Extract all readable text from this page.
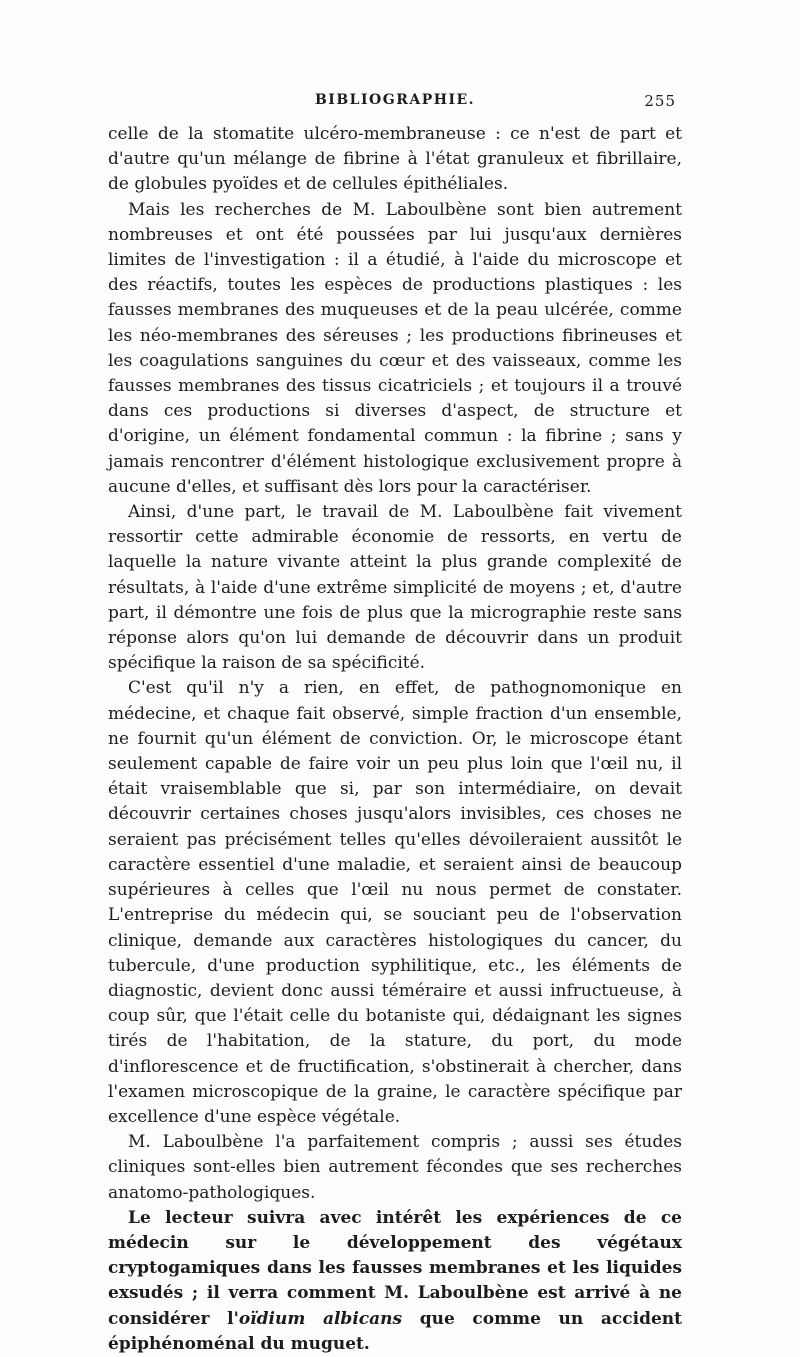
BIBLIOGRAPHIE.	255

celle de la stomatite ulcéro-membraneuse : ce n'est de part et d'autre qu'un mélange de fibrine à l'état granuleux et fibrillaire, de globules pyoïdes et de cellules épithéliales.

Mais les recherches de M. Laboulbène sont bien autrement nombreuses et ont été poussées par lui jusqu'aux dernières limites de l'investigation : il a étudié, à l'aide du microscope et des réactifs, toutes les espèces de productions plastiques : les fausses membranes des muqueuses et de la peau ulcérée, comme les néo-membranes des séreuses ; les productions fibrineuses et les coagulations sanguines du cœur et des vaisseaux, comme les fausses membranes des tissus cicatriciels ; et toujours il a trouvé dans ces productions si diverses d'aspect, de structure et d'origine, un élément fondamental commun : la fibrine ; sans y jamais rencontrer d'élément histologique exclusivement propre à aucune d'elles, et suffisant dès lors pour la caractériser.

Ainsi, d'une part, le travail de M. Laboulbène fait vivement ressortir cette admirable économie de ressorts, en vertu de laquelle la nature vivante atteint la plus grande complexité de résultats, à l'aide d'une extrême simplicité de moyens ; et, d'autre part, il démontre une fois de plus que la micrographie reste sans réponse alors qu'on lui demande de découvrir dans un produit spécifique la raison de sa spécificité.

C'est qu'il n'y a rien, en effet, de pathognomonique en médecine, et chaque fait observé, simple fraction d'un ensemble, ne fournit qu'un élément de conviction. Or, le microscope étant seulement capable de faire voir un peu plus loin que l'œil nu, il était vraisemblable que si, par son intermédiaire, on devait découvrir certaines choses jusqu'alors invisibles, ces choses ne seraient pas précisément telles qu'elles dévoileraient aussitôt le caractère essentiel d'une maladie, et seraient ainsi de beaucoup supérieures à celles que l'œil nu nous permet de constater. L'entreprise du médecin qui, se souciant peu de l'observation clinique, demande aux caractères histologiques du cancer, du tubercule, d'une production syphilitique, etc., les éléments de diagnostic, devient donc aussi téméraire et aussi infructueuse, à coup sûr, que l'était celle du botaniste qui, dédaignant les signes tirés de l'habitation, de la stature, du port, du mode d'inflorescence et de fructification, s'obstinerait à chercher, dans l'examen microscopique de la graine, le caractère spécifique par excellence d'une espèce végétale.

M. Laboulbène l'a parfaitement compris ; aussi ses études cliniques sont-elles bien autrement fécondes que ses recherches anatomo-pathologiques.

Le lecteur suivra avec intérêt les expériences de ce médecin sur le développement des végétaux cryptogamiques dans les fausses membranes et les liquides exsudés ; il verra comment M. Laboulbène est arrivé à ne considérer l'oïdium albicans que comme un accident épiphénoménal du muguet.
